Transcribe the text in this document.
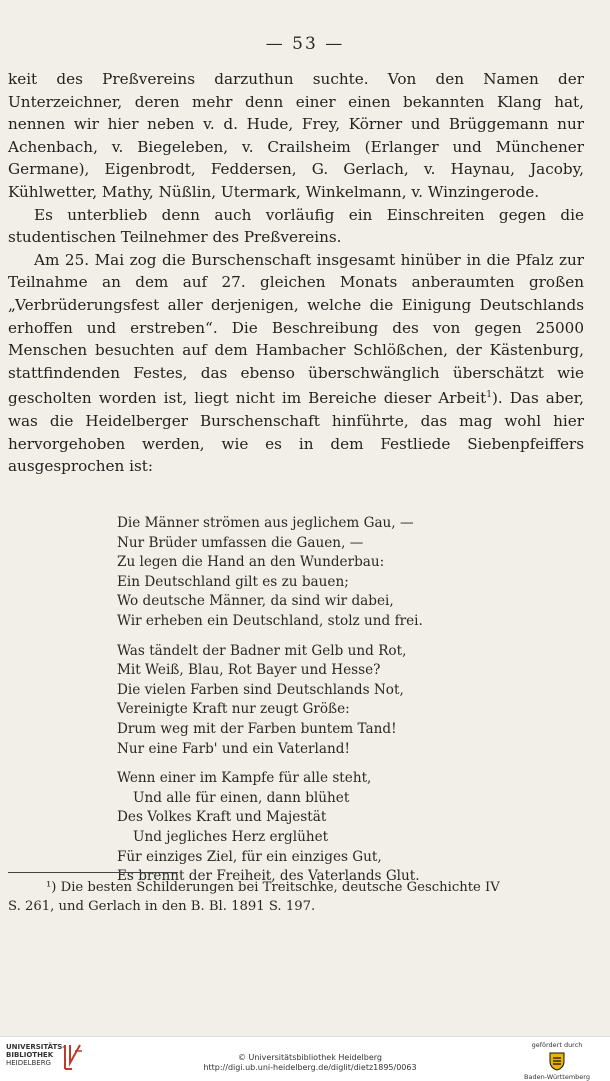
— 53 —

keit des Preßvereins darzuthun suchte. Von den Namen der Unterzeichner, deren mehr denn einer einen bekannten Klang hat, nennen wir hier neben v. d. Hude, Frey, Körner und Brüggemann nur Achenbach, v. Biegeleben, v. Crailsheim (Erlanger und Münchener Germane), Eigenbrodt, Feddersen, G. Gerlach, v. Haynau, Jacoby, Kühlwetter, Mathy, Nüßlin, Utermark, Winkelmann, v. Winzingerode.

Es unterblieb denn auch vorläufig ein Einschreiten gegen die studentischen Teilnehmer des Preßvereins.

Am 25. Mai zog die Burschenschaft insgesamt hinüber in die Pfalz zur Teilnahme an dem auf 27. gleichen Monats anberaumten großen „Verbrüderungsfest aller derjenigen, welche die Einigung Deutschlands erhoffen und erstreben“. Die Beschreibung des von gegen 25000 Menschen besuchten auf dem Hambacher Schlößchen, der Kästenburg, stattfindenden Festes, das ebenso überschwänglich überschätzt wie gescholten worden ist, liegt nicht im Bereiche dieser Arbeit$^1$). Das aber, was die Heidelberger Burschenschaft hinführte, das mag wohl hier hervorgehoben werden, wie es in dem Festliede Siebenpfeiffers ausgesprochen ist:

Die Männer strömen aus jeglichem Gau, —
Nur Brüder umfassen die Gauen, —
Zu legen die Hand an den Wunderbau:
Ein Deutschland gilt es zu bauen;
Wo deutsche Männer, da sind wir dabei,
Wir erheben ein Deutschland, stolz und frei.
Was tändelt der Badner mit Gelb und Rot,
Mit Weiß, Blau, Rot Bayer und Hesse?
Die vielen Farben sind Deutschlands Not,
Vereinigte Kraft nur zeugt Größe:
Drum weg mit der Farben buntem Tand!
Nur eine Farb' und ein Vaterland!
Wenn einer im Kampfe für alle steht,
Und alle für einen, dann blühet
Des Volkes Kraft und Majestät
Und jegliches Herz erglühet
Für einziges Ziel, für ein einziges Gut,
Es brennt der Freiheit, des Vaterlands Glut.
¹) Die besten Schilderungen bei Treitschke, deutsche Geschichte IV
S. 261, und Gerlach in den B. Bl. 1891 S. 197.
UNIVERSITÄTS-
BIBLIOTHEK
HEIDELBERG
© Universitätsbibliothek Heidelberg
http://digi.ub.uni-heidelberg.de/diglit/dietz1895/0063
gefördert durch
Baden-Württemberg
